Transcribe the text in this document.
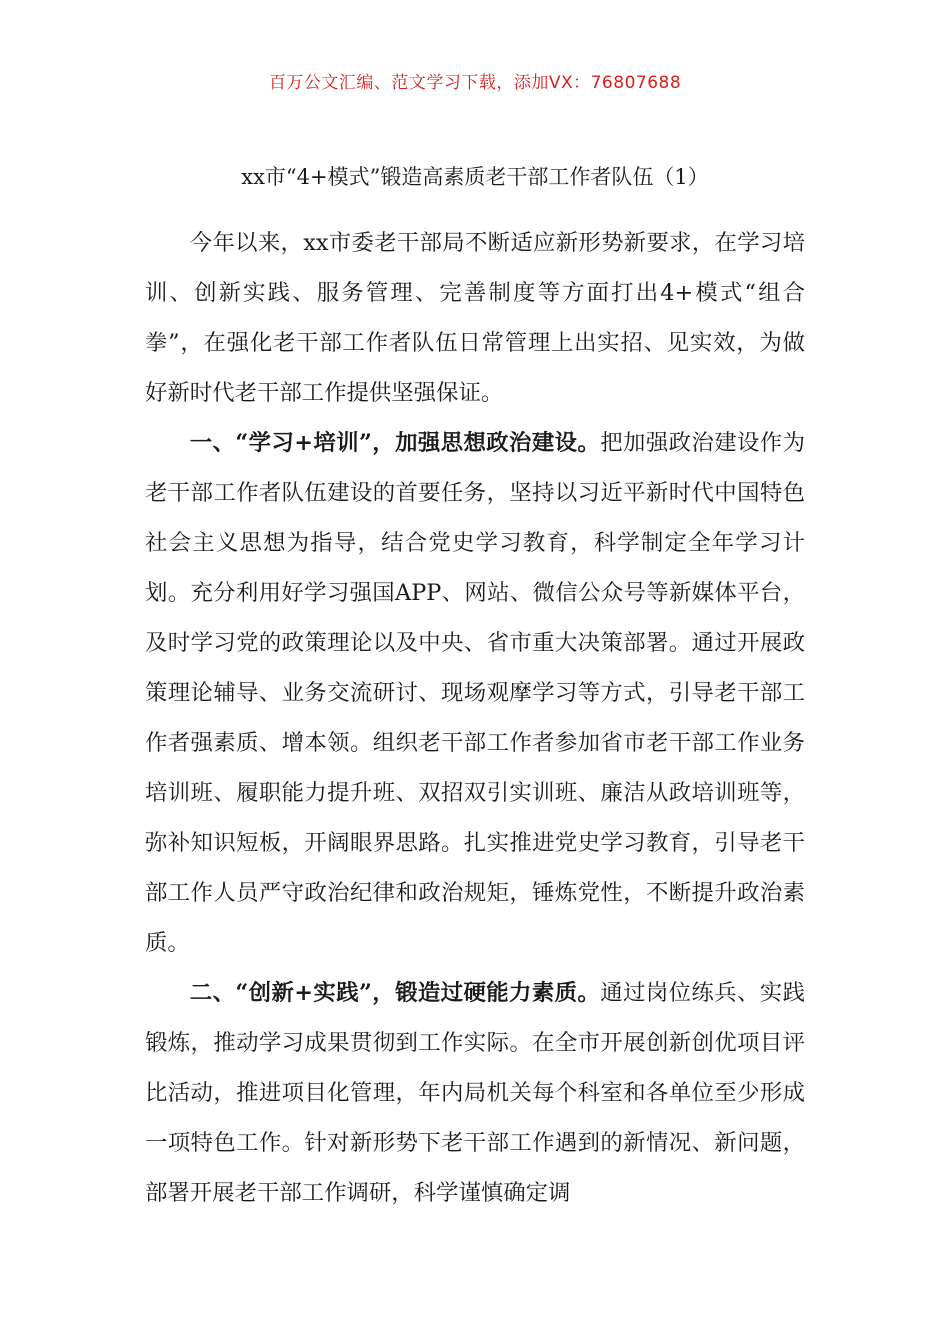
百万公文汇编、范文学习下载，添加VX：76807688
xx市“4+模式”锻造高素质老干部工作者队伍（1）

今年以来，xx市委老干部局不断适应新形势新要求，在学习培训、创新实践、服务管理、完善制度等方面打出4+模式“组合拳”，在强化老干部工作者队伍日常管理上出实招、见实效，为做好新时代老干部工作提供坚强保证。

一、“学习+培训”，加强思想政治建设。把加强政治建设作为老干部工作者队伍建设的首要任务，坚持以习近平新时代中国特色社会主义思想为指导，结合党史学习教育，科学制定全年学习计划。充分利用好学习强国APP、网站、微信公众号等新媒体平台，及时学习党的政策理论以及中央、省市重大决策部署。通过开展政策理论辅导、业务交流研讨、现场观摩学习等方式，引导老干部工作者强素质、增本领。组织老干部工作者参加省市老干部工作业务培训班、履职能力提升班、双招双引实训班、廉洁从政培训班等，弥补知识短板，开阔眼界思路。扎实推进党史学习教育，引导老干部工作人员严守政治纪律和政治规矩，锤炼党性，不断提升政治素质。

二、“创新+实践”，锻造过硬能力素质。通过岗位练兵、实践锻炼，推动学习成果贯彻到工作实际。在全市开展创新创优项目评比活动，推进项目化管理，年内局机关每个科室和各单位至少形成一项特色工作。针对新形势下老干部工作遇到的新情况、新问题，部署开展老干部工作调研，科学谨慎确定调
